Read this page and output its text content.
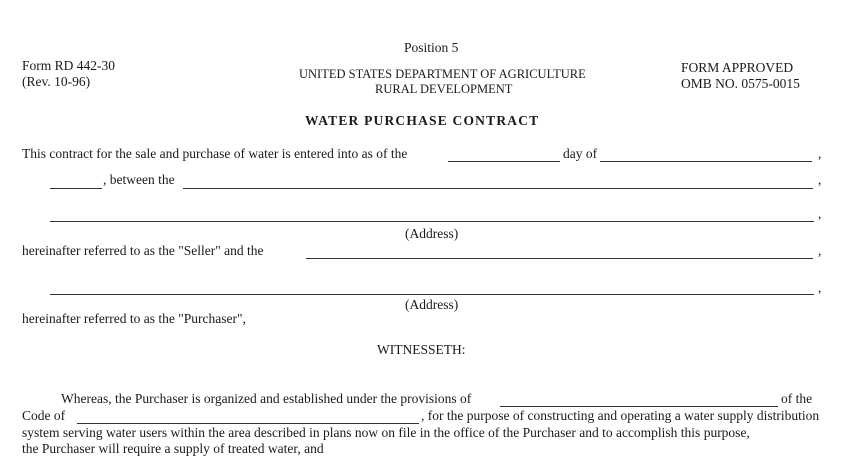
Form RD 442-30
(Rev. 10-96)
Position 5
UNITED STATES DEPARTMENT OF AGRICULTURE
RURAL DEVELOPMENT
FORM APPROVED
OMB NO. 0575-0015
WATER PURCHASE CONTRACT
This contract for the sale and purchase of water is entered into as of the	day of	,
, between the	,
,
(Address)
hereinafter referred to as the "Seller" and the	,
,
(Address)
hereinafter referred to as the "Purchaser",
WITNESSETH:
Whereas, the Purchaser is organized and established under the provisions of	of the
Code of	, for the purpose of constructing and operating a water supply distribution
system serving water users within the area described in plans now on file in the office of the Purchaser and to accomplish this purpose,
the Purchaser will require a supply of treated water, and
